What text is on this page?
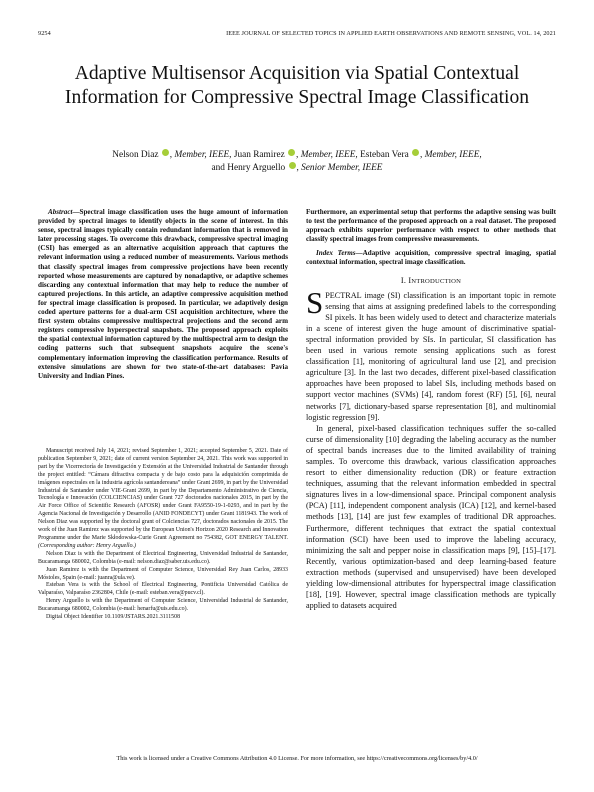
9254	IEEE JOURNAL OF SELECTED TOPICS IN APPLIED EARTH OBSERVATIONS AND REMOTE SENSING, VOL. 14, 2021
Adaptive Multisensor Acquisition via Spatial Contextual Information for Compressive Spectral Image Classification
Nelson Diaz , Member, IEEE, Juan Ramirez , Member, IEEE, Esteban Vera , Member, IEEE,
and Henry Arguello , Senior Member, IEEE

Abstract—Spectral image classification uses the huge amount of information provided by spectral images to identify objects in the scene of interest. In this sense, spectral images typically contain redundant information that is removed in later processing stages. To overcome this drawback, compressive spectral imaging (CSI) has emerged as an alternative acquisition approach that captures the relevant information using a reduced number of measurements. Various methods that classify spectral images from compressive projections have been recently reported whose measurements are captured by nonadaptive, or adaptive schemes discarding any contextual information that may help to reduce the number of captured projections. In this article, an adaptive compressive acquisition method for spectral image classification is proposed. In particular, we adaptively design coded aperture patterns for a dual-arm CSI acquisition architecture, where the first system obtains compressive multispectral projections and the second arm registers compressive hyperspectral snapshots. The proposed approach exploits the spatial contextual information captured by the multispectral arm to design the coding patterns such that subsequent snapshots acquire the scene's complementary information improving the classification performance. Results of extensive simulations are shown for two state-of-the-art databases: Pavia University and Indian Pines.

Manuscript received July 14, 2021; revised September 1, 2021; accepted September 5, 2021. Date of publication September 9, 2021; date of current version September 24, 2021. This work was supported in part by the Vicerrectoría de Investigación y Extensión at the Universidad Industrial de Santander through the project entitled: “Cámara difractiva compacta y de bajo costo para la adquisición comprimida de imágenes espectrales en la industria agrícola santandereana” under Grant 2699, in part by the Universidad Industrial de Santander under VIE-Grant 2699, in part by the Departamento Administrativo de Ciencia, Tecnología e Innovación (COLCIENCIAS) under Grant 727 doctorados nacionales 2015, in part by the Air Force Office of Scientific Research (AFOSR) under Grant FA9550-19-1-0293, and in part by the Agencia Nacional de Investigación y Desarrollo (ANID FONDECYT) under Grant 1181943. The work of Nelson Diaz was supported by the doctoral grant of Colciencias 727, doctorados nacionales de 2015. The work of the Juan Ramirez was supported by the European Union's Horizon 2020 Research and Innovation Programme under the Marie Skłodowska-Curie Grant Agreement no 754382, GOT ENERGY TALENT. (Corresponding author: Henry Arguello.)

Nelson Diaz is with the Department of Electrical Engineering, Universidad Industrial de Santander, Bucaramanga 680002, Colombia (e-mail: nelson.diaz@saber.uis.edu.co).

Juan Ramirez is with the Department of Computer Science, Universidad Rey Juan Carlos, 28933 Móstoles, Spain (e-mail: juanra@ula.ve).

Esteban Vera is with the School of Electrical Engineering, Pontificia Universidad Católica de Valparaíso, Valparaíso 2362804, Chile (e-mail: esteban.vera@pucv.cl).

Henry Arguello is with the Department of Computer Science, Universidad Industrial de Santander, Bucaramanga 680002, Colombia (e-mail: henarfu@uis.edu.co).

Digital Object Identifier 10.1109/JSTARS.2021.3111508

Furthermore, an experimental setup that performs the adaptive sensing was built to test the performance of the proposed approach on a real dataset. The proposed approach exhibits superior performance with respect to other methods that classify spectral images from compressive measurements.

Index Terms—Adaptive acquisition, compressive spectral imaging, spatial contextual information, spectral image classification.

I. INTRODUCTION

SPECTRAL image (SI) classification is an important topic in remote sensing that aims at assigning predefined labels to the corresponding SI pixels. It has been widely used to detect and characterize materials in a scene of interest given the huge amount of discriminative spatial-spectral information provided by SIs. In particular, SI classification has been used in various remote sensing applications such as forest classification [1], monitoring of agricultural land use [2], and precision agriculture [3]. In the last two decades, different pixel-based classification approaches have been proposed to label SIs, including methods based on support vector machines (SVMs) [4], random forest (RF) [5], [6], neural networks [7], dictionary-based sparse representation [8], and multinomial logistic regression [9].

In general, pixel-based classification techniques suffer the so-called curse of dimensionality [10] degrading the labeling accuracy as the number of spectral bands increases due to the limited availability of training samples. To overcome this drawback, various classification approaches resort to either dimensionality reduction (DR) or feature extraction techniques, assuming that the relevant information embedded in spectral signatures lives in a low-dimensional space. Principal component analysis (PCA) [11], independent component analysis (ICA) [12], and kernel-based methods [13], [14] are just few examples of traditional DR approaches. Furthermore, different techniques that extract the spatial contextual information (SCI) have been used to improve the labeling accuracy, minimizing the salt and pepper noise in classification maps [9], [15]–[17]. Recently, various optimization-based and deep learning-based feature extraction methods (supervised and unsupervised) have been developed yielding low-dimensional attributes for hyperspectral image classification [18], [19]. However, spectral image classification methods are typically applied to datasets acquired

This work is licensed under a Creative Commons Attribution 4.0 License. For more information, see https://creativecommons.org/licenses/by/4.0/
